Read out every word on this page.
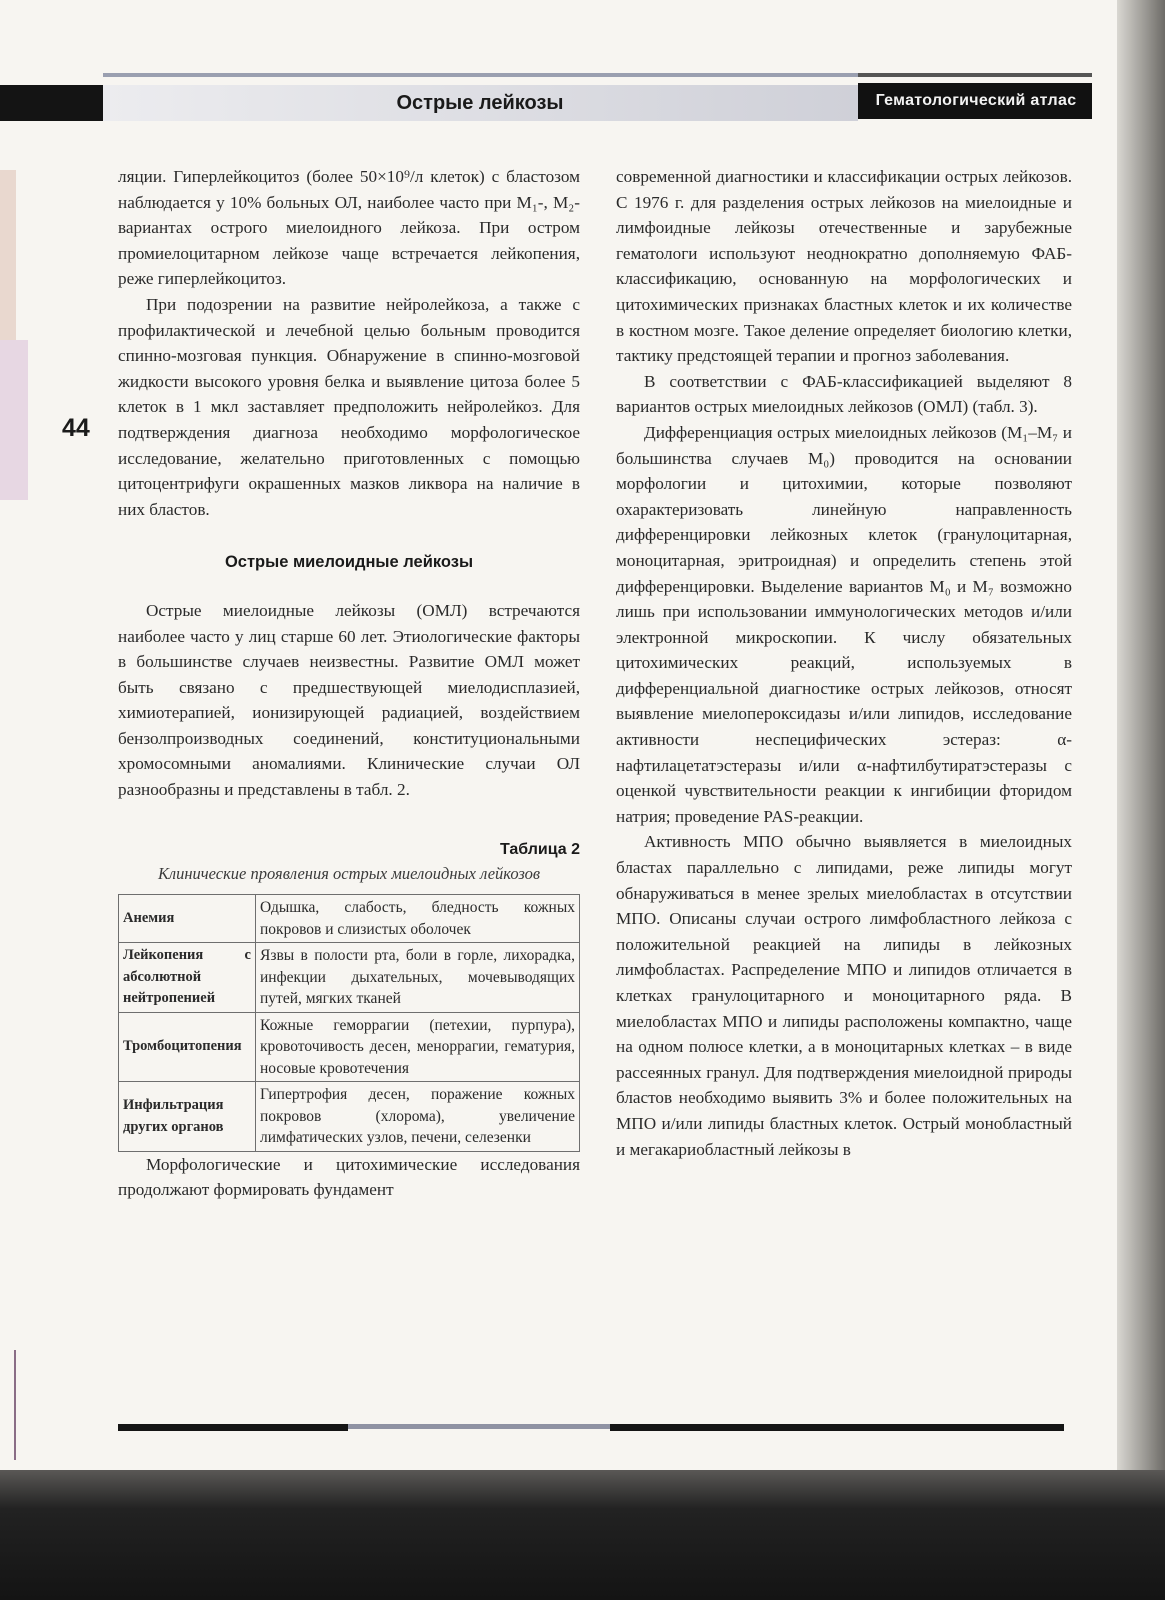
Острые лейкозы	Гематологический атлас
44

ляции. Гиперлейкоцитоз (более 50×10⁹/л клеток) с бластозом наблюдается у 10% больных ОЛ, наиболее часто при M₁-, M₂-вариантах острого миелоидного лейкоза. При остром промиелоцитарном лейкозе чаще встречается лейкопения, реже гиперлейкоцитоз.

При подозрении на развитие нейролейкоза, а также с профилактической и лечебной целью больным проводится спинно-мозговая пункция. Обнаружение в спинно-мозговой жидкости высокого уровня белка и выявление цитоза более 5 клеток в 1 мкл заставляет предположить нейролейкоз. Для подтверждения диагноза необходимо морфологическое исследование, желательно приготовленных с помощью цитоцентрифуги окрашенных мазков ликвора на наличие в них бластов.

Острые миелоидные лейкозы

Острые миелоидные лейкозы (ОМЛ) встречаются наиболее часто у лиц старше 60 лет. Этиологические факторы в большинстве случаев неизвестны. Развитие ОМЛ может быть связано с предшествующей миелодисплазией, химиотерапией, ионизирующей радиацией, воздействием бензолпроизводных соединений, конституциональными хромосомными аномалиями. Клинические случаи ОЛ разнообразны и представлены в табл. 2.

Таблица 2
Клинические проявления острых миелоидных лейкозов
Анемия	Одышка, слабость, бледность кожных покровов и слизистых оболочек
Лейкопения с абсолютной нейтропенией	Язвы в полости рта, боли в горле, лихорадка, инфекции дыхательных, мочевыводящих путей, мягких тканей
Тромбоцитопения	Кожные геморрагии (петехии, пурпура), кровоточивость десен, меноррагии, гематурия, носовые кровотечения
Инфильтрация других органов	Гипертрофия десен, поражение кожных покровов (хлорома), увеличение лимфатических узлов, печени, селезенки

Морфологические и цитохимические исследования продолжают формировать фундамент

современной диагностики и классификации острых лейкозов. С 1976 г. для разделения острых лейкозов на миелоидные и лимфоидные лейкозы отечественные и зарубежные гематологи используют неоднократно дополняемую ФАБ-классификацию, основанную на морфологических и цитохимических признаках бластных клеток и их количестве в костном мозге. Такое деление определяет биологию клетки, тактику предстоящей терапии и прогноз заболевания.

В соответствии с ФАБ-классификацией выделяют 8 вариантов острых миелоидных лейкозов (ОМЛ) (табл. 3).

Дифференциация острых миелоидных лейкозов (M₁–M₇ и большинства случаев M₀) проводится на основании морфологии и цитохимии, которые позволяют охарактеризовать линейную направленность дифференцировки лейкозных клеток (гранулоцитарная, моноцитарная, эритроидная) и определить степень этой дифференцировки. Выделение вариантов M₀ и M₇ возможно лишь при использовании иммунологических методов и/или электронной микроскопии. К числу обязательных цитохимических реакций, используемых в дифференциальной диагностике острых лейкозов, относят выявление миелопероксидазы и/или липидов, исследование активности неспецифических эстераз: α-нафтилацетатэстеразы и/или α-нафтилбутиратэстеразы с оценкой чувствительности реакции к ингибиции фторидом натрия; проведение PAS-реакции.

Активность МПО обычно выявляется в миелоидных бластах параллельно с липидами, реже липиды могут обнаруживаться в менее зрелых миелобластах в отсутствии МПО. Описаны случаи острого лимфобластного лейкоза с положительной реакцией на липиды в лейкозных лимфобластах. Распределение МПО и липидов отличается в клетках гранулоцитарного и моноцитарного ряда. В миелобластах МПО и липиды расположены компактно, чаще на одном полюсе клетки, а в моноцитарных клетках – в виде рассеянных гранул. Для подтверждения миелоидной природы бластов необходимо выявить 3% и более положительных на МПО и/или липиды бластных клеток. Острый монобластный и мегакариобластный лейкозы в
